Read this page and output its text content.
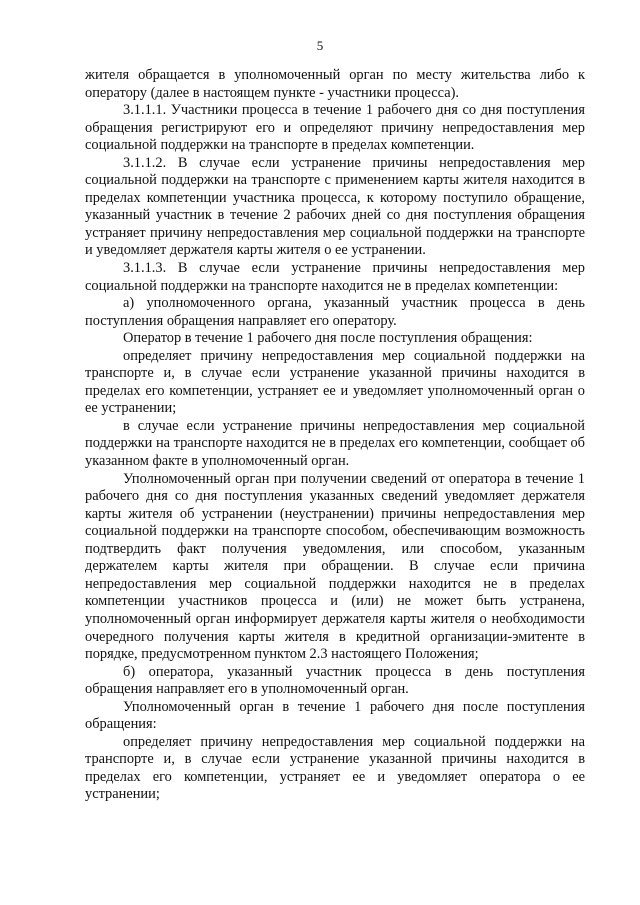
5

жителя обращается в уполномоченный орган по месту жительства либо к оператору (далее в настоящем пункте - участники процесса).

3.1.1.1. Участники процесса в течение 1 рабочего дня со дня поступления обращения регистрируют его и определяют причину непредоставления мер социальной поддержки на транспорте в пределах компетенции.

3.1.1.2. В случае если устранение причины непредоставления мер социальной поддержки на транспорте с применением карты жителя находится в пределах компетенции участника процесса, к которому поступило обращение, указанный участник в течение 2 рабочих дней со дня поступления обращения устраняет причину непредоставления мер социальной поддержки на транспорте и уведомляет держателя карты жителя о ее устранении.

3.1.1.3. В случае если устранение причины непредоставления мер социальной поддержки на транспорте находится не в пределах компетенции:

а) уполномоченного органа, указанный участник процесса в день поступления обращения направляет его оператору.

Оператор в течение 1 рабочего дня после поступления обращения:

определяет причину непредоставления мер социальной поддержки на транспорте и, в случае если устранение указанной причины находится в пределах его компетенции, устраняет ее и уведомляет уполномоченный орган о ее устранении;

в случае если устранение причины непредоставления мер социальной поддержки на транспорте находится не в пределах его компетенции, сообщает об указанном факте в уполномоченный орган.

Уполномоченный орган при получении сведений от оператора в течение 1 рабочего дня со дня поступления указанных сведений уведомляет держателя карты жителя об устранении (неустранении) причины непредоставления мер социальной поддержки на транспорте способом, обеспечивающим возможность подтвердить факт получения уведомления, или способом, указанным держателем карты жителя при обращении. В случае если причина непредоставления мер социальной поддержки находится не в пределах компетенции участников процесса и (или) не может быть устранена, уполномоченный орган информирует держателя карты жителя о необходимости очередного получения карты жителя в кредитной организации-эмитенте в порядке, предусмотренном пунктом 2.3 настоящего Положения;

б) оператора, указанный участник процесса в день поступления обращения направляет его в уполномоченный орган.

Уполномоченный орган в течение 1 рабочего дня после поступления обращения:

определяет причину непредоставления мер социальной поддержки на транспорте и, в случае если устранение указанной причины находится в пределах его компетенции, устраняет ее и уведомляет оператора о ее устранении;
